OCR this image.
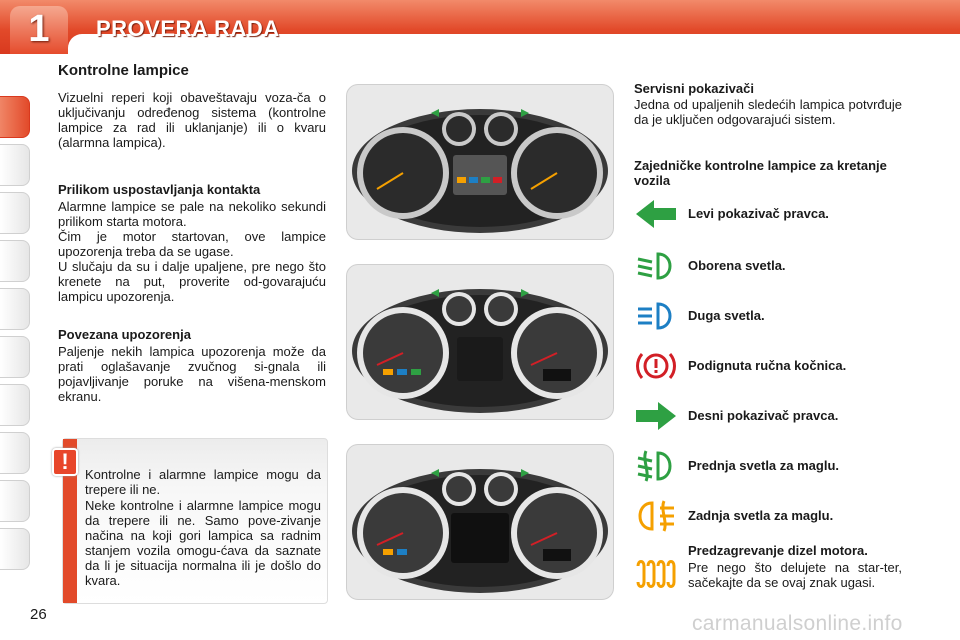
1	PROVERA RADA
Kontrolne lampice
Vizuelni reperi koji obaveštavaju voza-ča o uključivanju određenog sistema (kontrolne lampice za rad ili uklanjanje) ili o kvaru (alarmna lampica).
Prilikom uspostavljanja kontakta
Alarmne lampice se pale na nekoliko sekundi prilikom starta motora.
Čim je motor startovan, ove lampice upozorenja treba da se ugase.
U slučaju da su i dalje upaljene, pre nego što krenete na put, proverite od-govarajuću lampicu upozorenja.
Povezana upozorenja
Paljenje nekih lampica upozorenja može da prati oglašavanje zvučnog si-gnala ili pojavljivanje poruke na višena-menskom ekranu.
Kontrolne i alarmne lampice mogu da trepere ili ne.
Neke kontrolne i alarmne lampice mogu da trepere ili ne. Samo pove-zivanje načina na koji gori lampica sa radnim stanjem vozila omogu-ćava da saznate da li je situacija normalna ili je došlo do kvara.
!
Servisni pokazivači
Jedna od upaljenih sledećih lampica potvrđuje da je uključen odgovarajući sistem.
Zajedničke kontrolne lampice za kretanje vozila
Levi pokazivač pravca.
Oborena svetla.
Duga svetla.
Podignuta ručna kočnica.
Desni pokazivač pravca.
Prednja svetla za maglu.
Zadnja svetla za maglu.
Predzagrevanje dizel motora.
Pre nego što delujete na star-ter, sačekajte da se ovaj znak ugasi.
26	carmanualsonline.info
